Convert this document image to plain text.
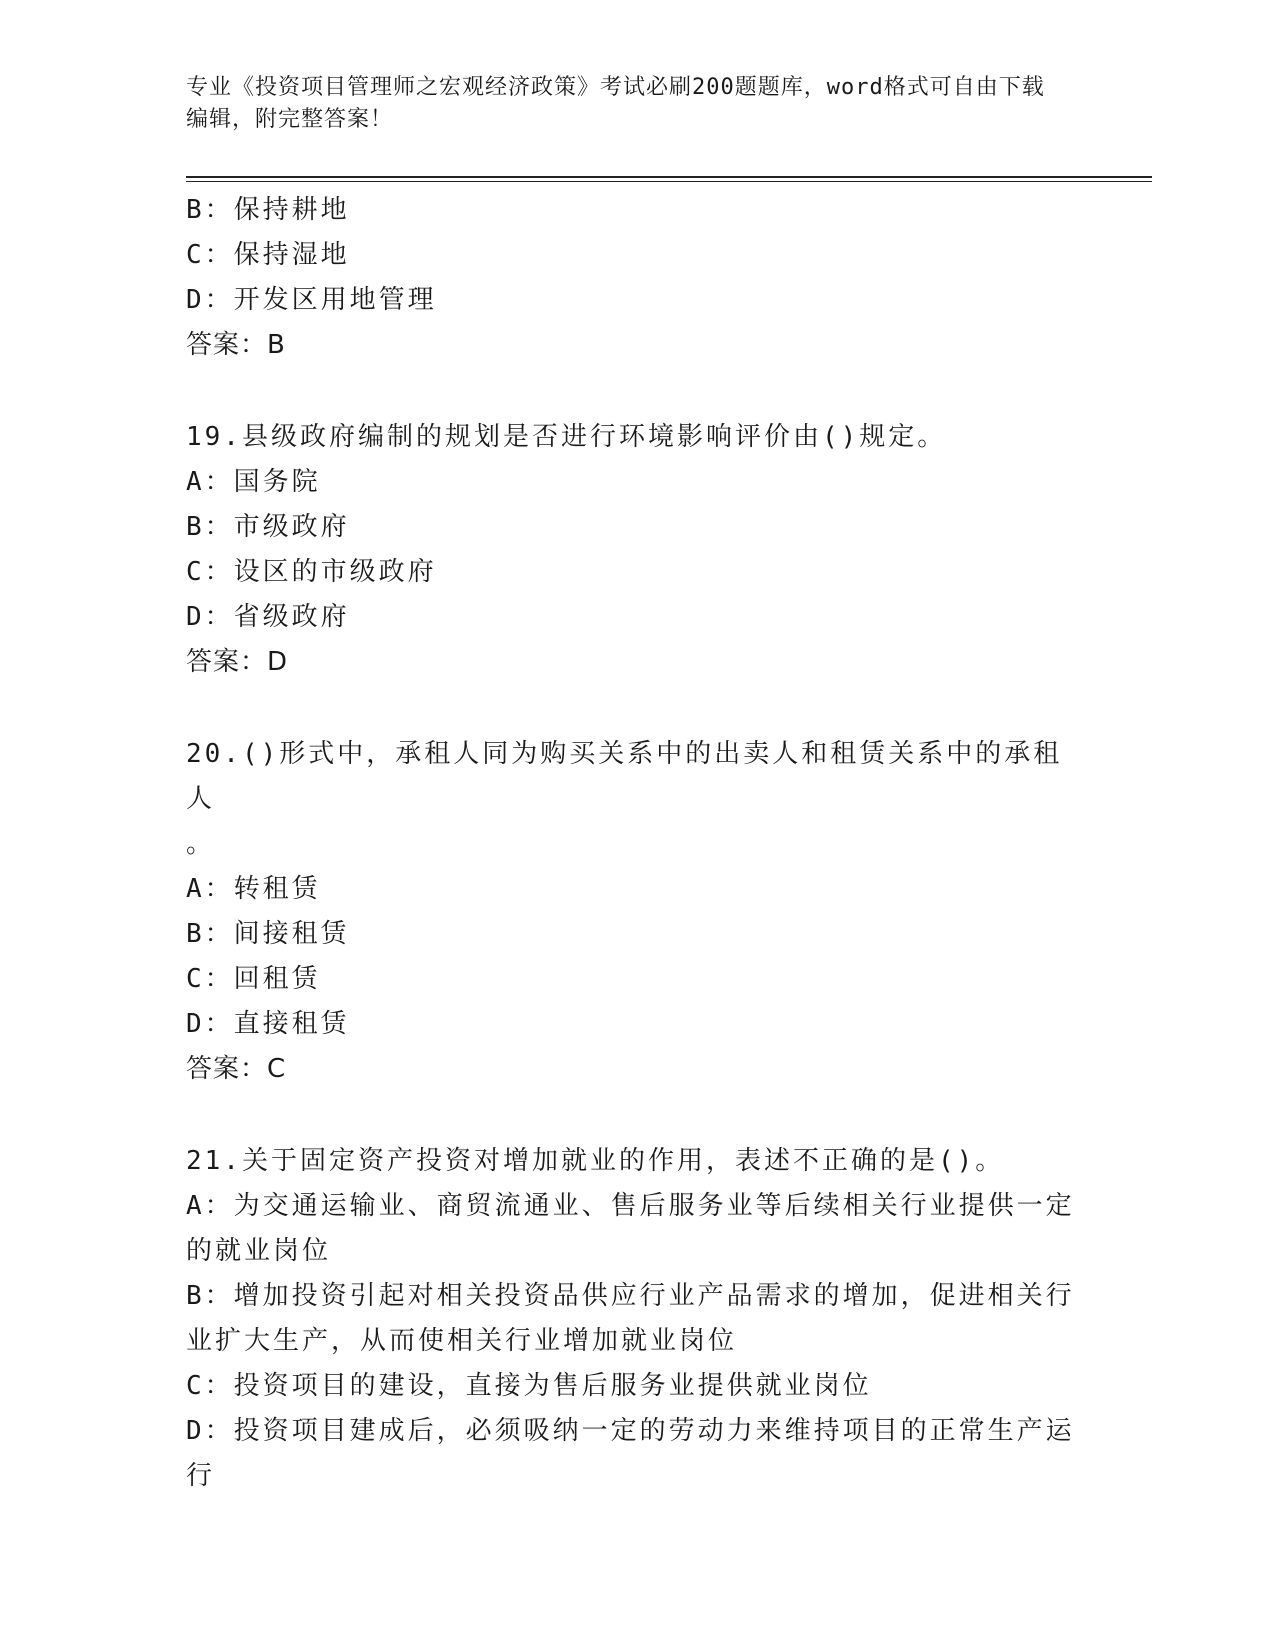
专业《投资项目管理师之宏观经济政策》考试必刷200题题库，word格式可自由下载编辑，附完整答案！
B：保持耕地
C：保持湿地
D：开发区用地管理
答案：B
19.县级政府编制的规划是否进行环境影响评价由()规定。
A：国务院
B：市级政府
C：设区的市级政府
D：省级政府
答案：D
20.()形式中，承租人同为购买关系中的出卖人和租赁关系中的承租人
。
A：转租赁
B：间接租赁
C：回租赁
D：直接租赁
答案：C
21.关于固定资产投资对增加就业的作用，表述不正确的是()。
A：为交通运输业、商贸流通业、售后服务业等后续相关行业提供一定的就业岗位
B：增加投资引起对相关投资品供应行业产品需求的增加，促进相关行业扩大生产，从而使相关行业增加就业岗位
C：投资项目的建设，直接为售后服务业提供就业岗位
D：投资项目建成后，必须吸纳一定的劳动力来维持项目的正常生产运行
